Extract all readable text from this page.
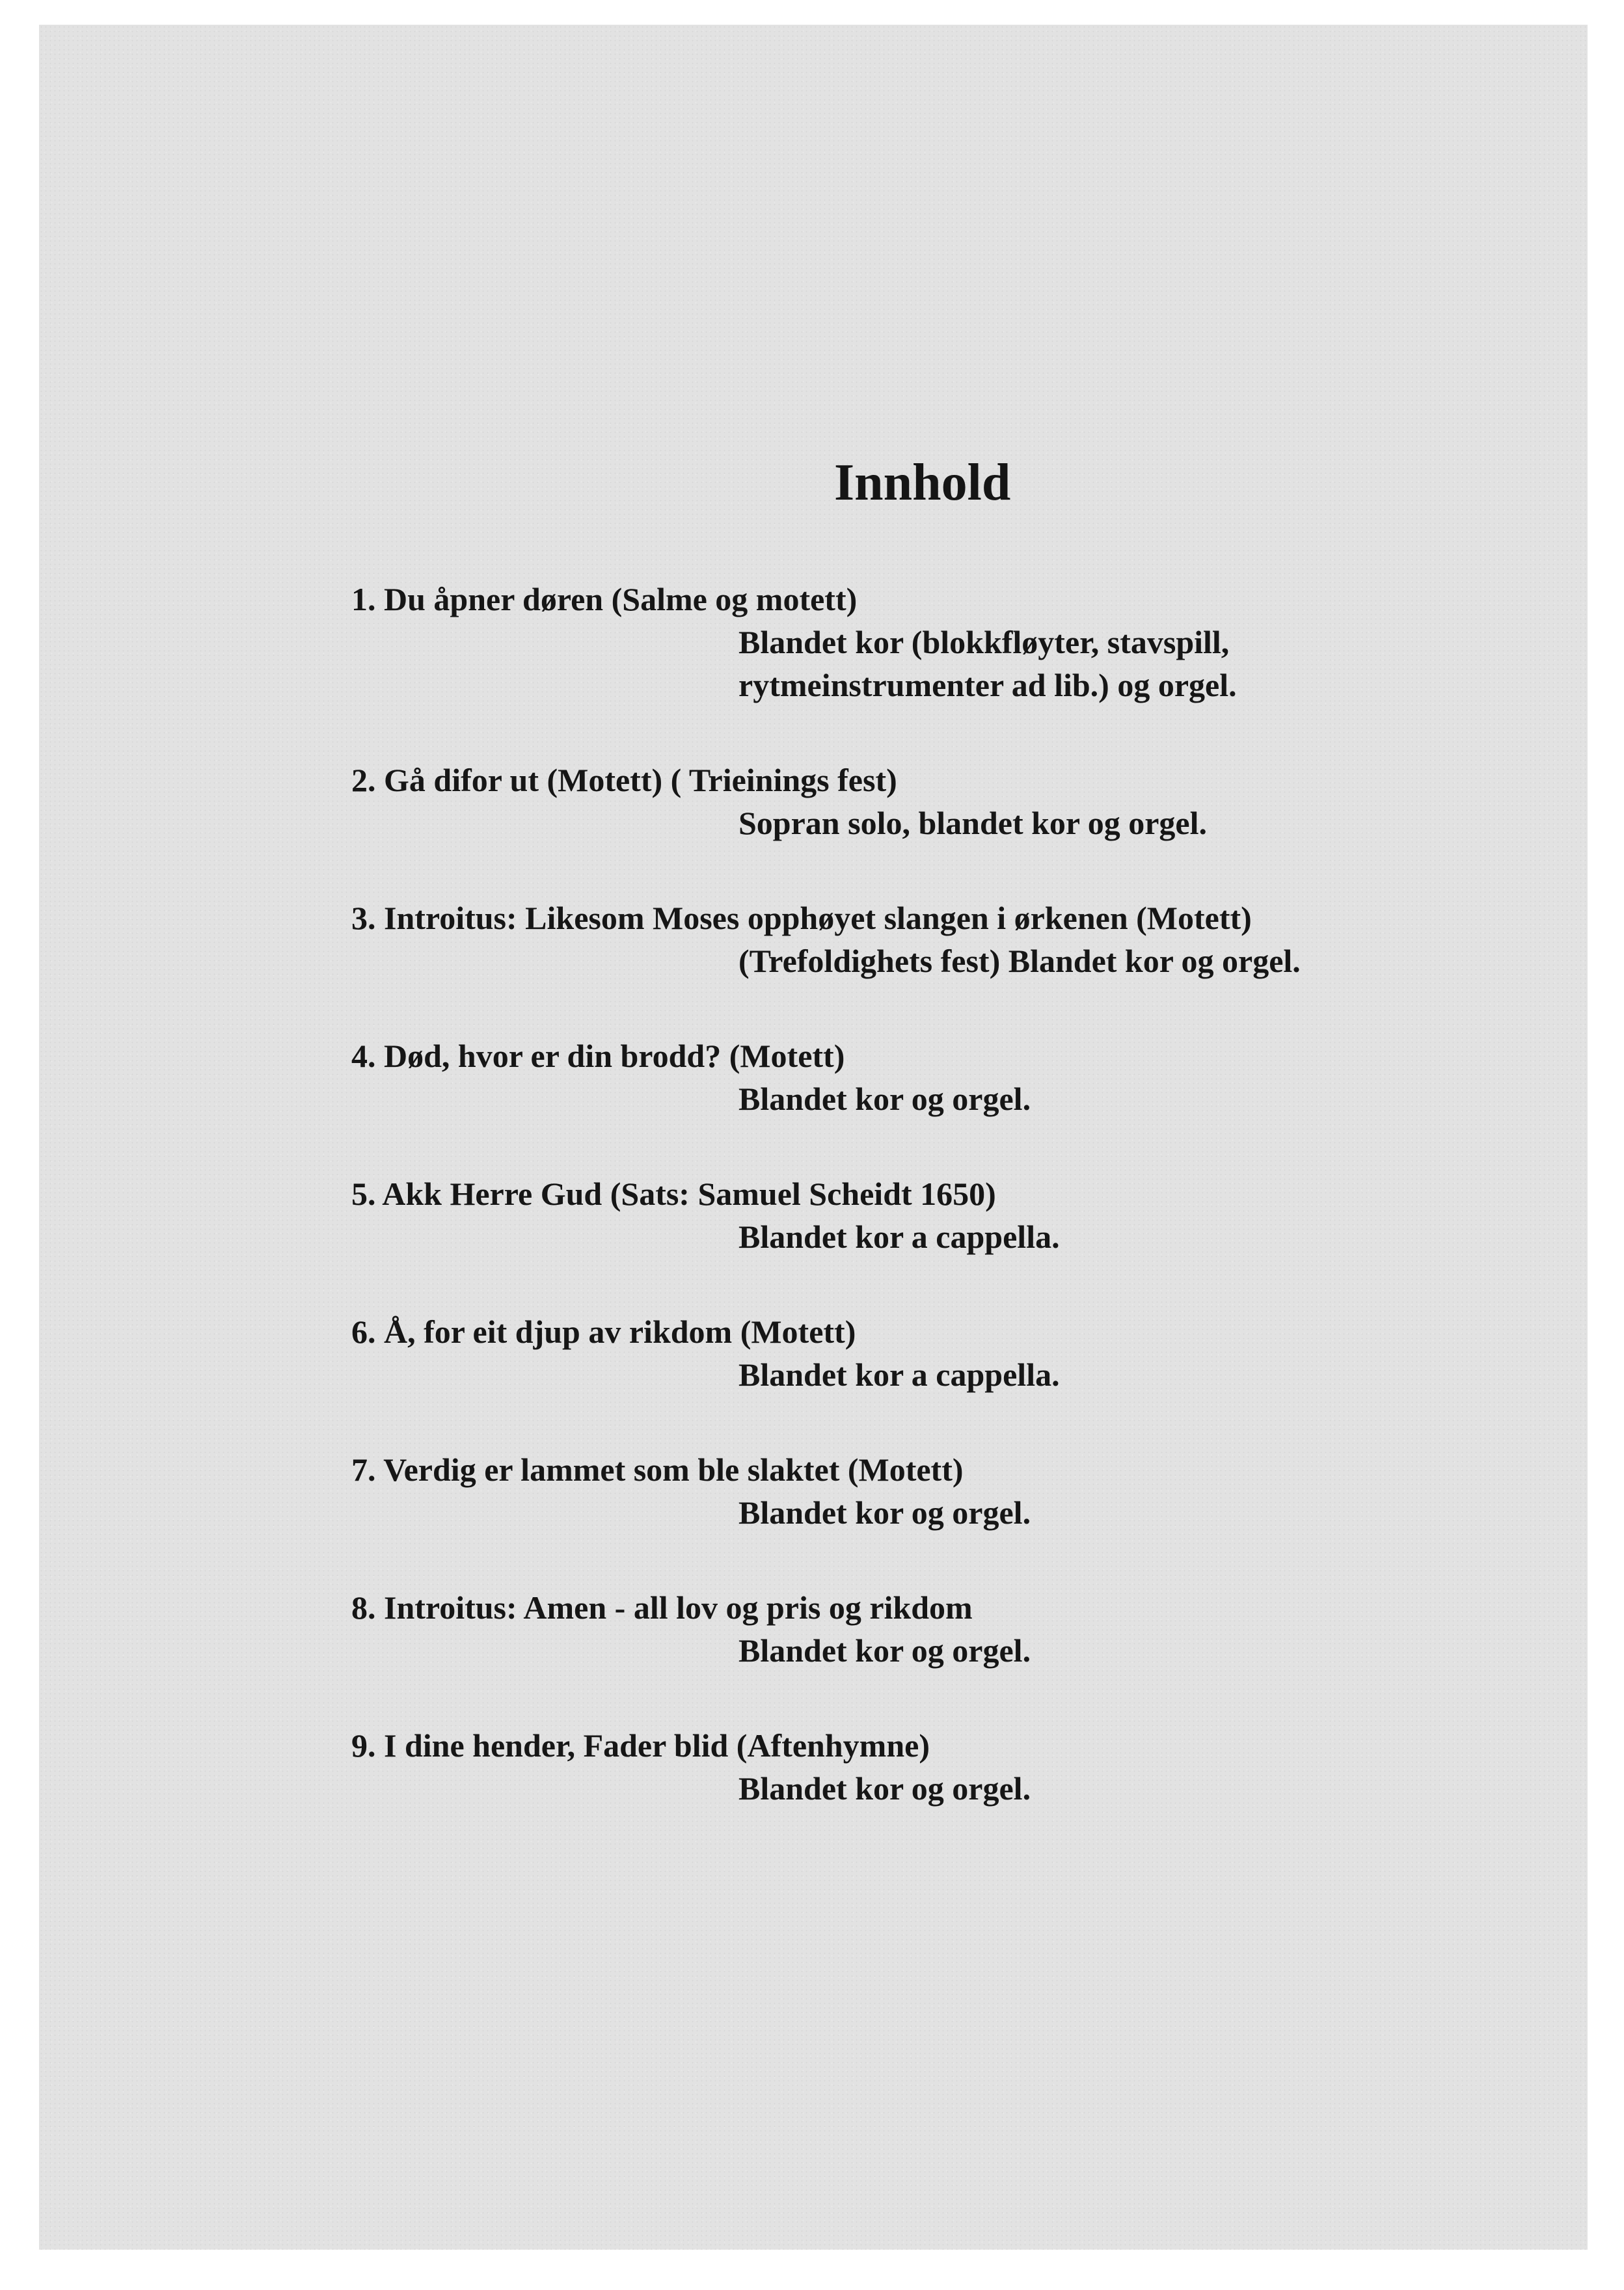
Innhold
1. Du åpner døren (Salme og motett)
Blandet kor (blokkfløyter, stavspill,
rytmeinstrumenter ad lib.) og orgel.
2. Gå difor ut (Motett) ( Trieinings fest)
Sopran solo, blandet kor og orgel.
3. Introitus: Likesom Moses opphøyet slangen i ørkenen (Motett)
(Trefoldighets fest) Blandet kor og orgel.
4. Død, hvor er din brodd? (Motett)
Blandet kor og orgel.
5. Akk Herre Gud (Sats: Samuel Scheidt 1650)
Blandet kor a cappella.
6. Å, for eit djup av rikdom (Motett)
Blandet kor a cappella.
7. Verdig er lammet som ble slaktet (Motett)
Blandet kor og orgel.
8. Introitus: Amen - all lov og pris og rikdom
Blandet kor og orgel.
9. I dine hender, Fader blid (Aftenhymne)
Blandet kor og orgel.
